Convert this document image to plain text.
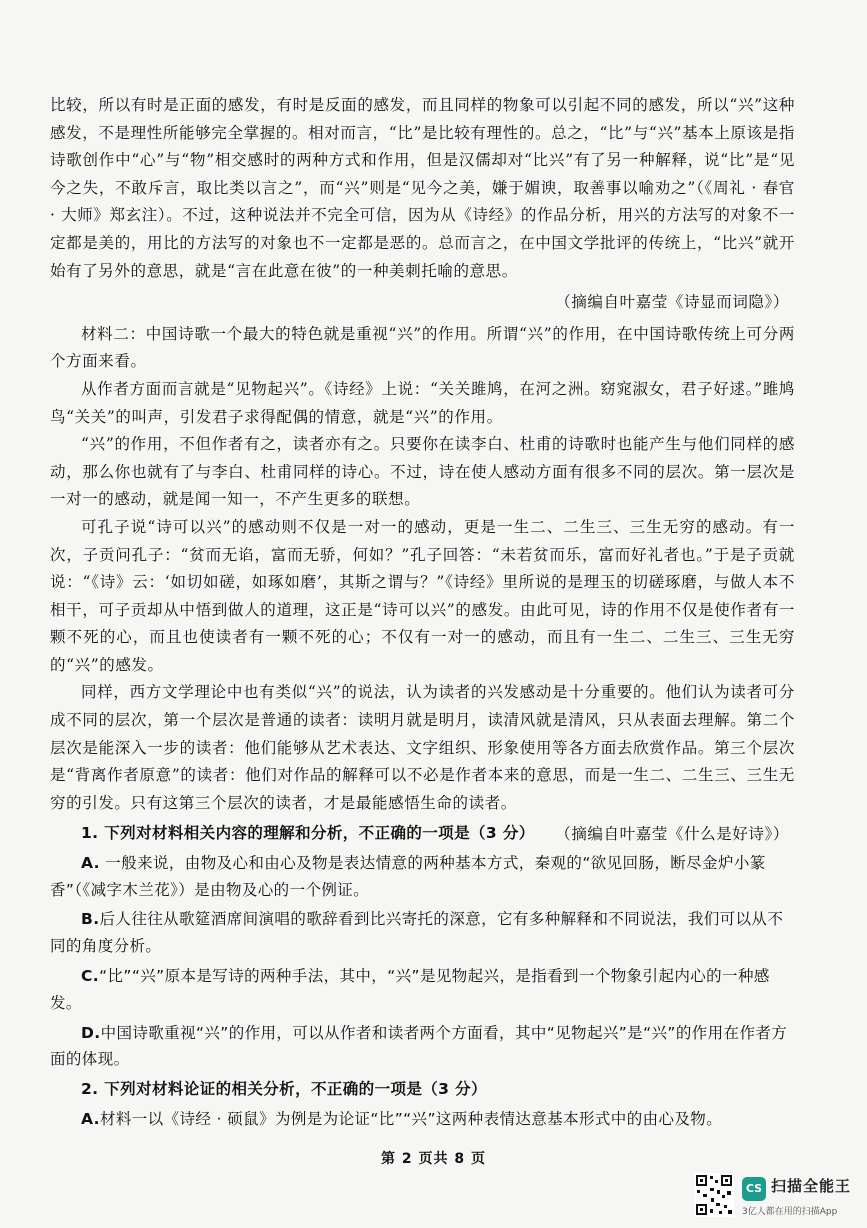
比较，所以有时是正面的感发，有时是反面的感发，而且同样的物象可以引起不同的感发，所以“兴”这种感发，不是理性所能够完全掌握的。相对而言，“比”是比较有理性的。总之，“比”与“兴”基本上原该是指诗歌创作中“心”与“物”相交感时的两种方式和作用，但是汉儒却对“比兴”有了另一种解释，说“比”是“见今之失，不敢斥言，取比类以言之”，而“兴”则是“见今之美，嫌于媚谀，取善事以喻劝之”（《周礼 · 春官 · 大师》郑玄注）。不过，这种说法并不完全可信，因为从《诗经》的作品分析，用兴的方法写的对象不一定都是美的，用比的方法写的对象也不一定都是恶的。总而言之，在中国文学批评的传统上，“比兴”就开始有了另外的意思，就是“言在此意在彼”的一种美刺托喻的意思。

（摘编自叶嘉莹《诗显而词隐》）

材料二：中国诗歌一个最大的特色就是重视“兴”的作用。所谓“兴”的作用，在中国诗歌传统上可分两个方面来看。

从作者方面而言就是“见物起兴”。《诗经》上说：“关关雎鸠，在河之洲。窈窕淑女，君子好逑。”雎鸠鸟“关关”的叫声，引发君子求得配偶的情意，就是“兴”的作用。

“兴”的作用，不但作者有之，读者亦有之。只要你在读李白、杜甫的诗歌时也能产生与他们同样的感动，那么你也就有了与李白、杜甫同样的诗心。不过，诗在使人感动方面有很多不同的层次。第一层次是一对一的感动，就是闻一知一，不产生更多的联想。

可孔子说“诗可以兴”的感动则不仅是一对一的感动，更是一生二、二生三、三生无穷的感动。有一次，子贡问孔子：“贫而无谄，富而无骄，何如？”孔子回答：“未若贫而乐，富而好礼者也。”于是子贡就说：“《诗》云：‘如切如磋，如琢如磨’，其斯之谓与？”《诗经》里所说的是理玉的切磋琢磨，与做人本不相干，可子贡却从中悟到做人的道理，这正是“诗可以兴”的感发。由此可见，诗的作用不仅是使作者有一颗不死的心，而且也使读者有一颗不死的心；不仅有一对一的感动，而且有一生二、二生三、三生无穷的“兴”的感发。

同样，西方文学理论中也有类似“兴”的说法，认为读者的兴发感动是十分重要的。他们认为读者可分成不同的层次，第一个层次是普通的读者：读明月就是明月，读清风就是清风，只从表面去理解。第二个层次是能深入一步的读者：他们能够从艺术表达、文字组织、形象使用等各方面去欣赏作品。第三个层次是“背离作者原意”的读者：他们对作品的解释可以不必是作者本来的意思，而是一生二、二生三、三生无穷的引发。只有这第三个层次的读者，才是最能感悟生命的读者。

（摘编自叶嘉莹《什么是好诗》）

1. 下列对材料相关内容的理解和分析，不正确的一项是（3 分）

A. 一般来说，由物及心和由心及物是表达情意的两种基本方式，秦观的“欲见回肠，断尽金炉小篆香”（《减字木兰花》）是由物及心的一个例证。

B.后人往往从歌筵酒席间演唱的歌辞看到比兴寄托的深意，它有多种解释和不同说法，我们可以从不同的角度分析。

C.“比”“兴”原本是写诗的两种手法，其中，“兴”是见物起兴，是指看到一个物象引起内心的一种感发。

D.中国诗歌重视“兴”的作用，可以从作者和读者两个方面看，其中“见物起兴”是“兴”的作用在作者方面的体现。

2. 下列对材料论证的相关分析，不正确的一项是（3 分）

A.材料一以《诗经 · 硕鼠》为例是为论证“比”“兴”这两种表情达意基本形式中的由心及物。

第 2 页共 8 页
CS 扫描全能王
3亿人都在用的扫描App
